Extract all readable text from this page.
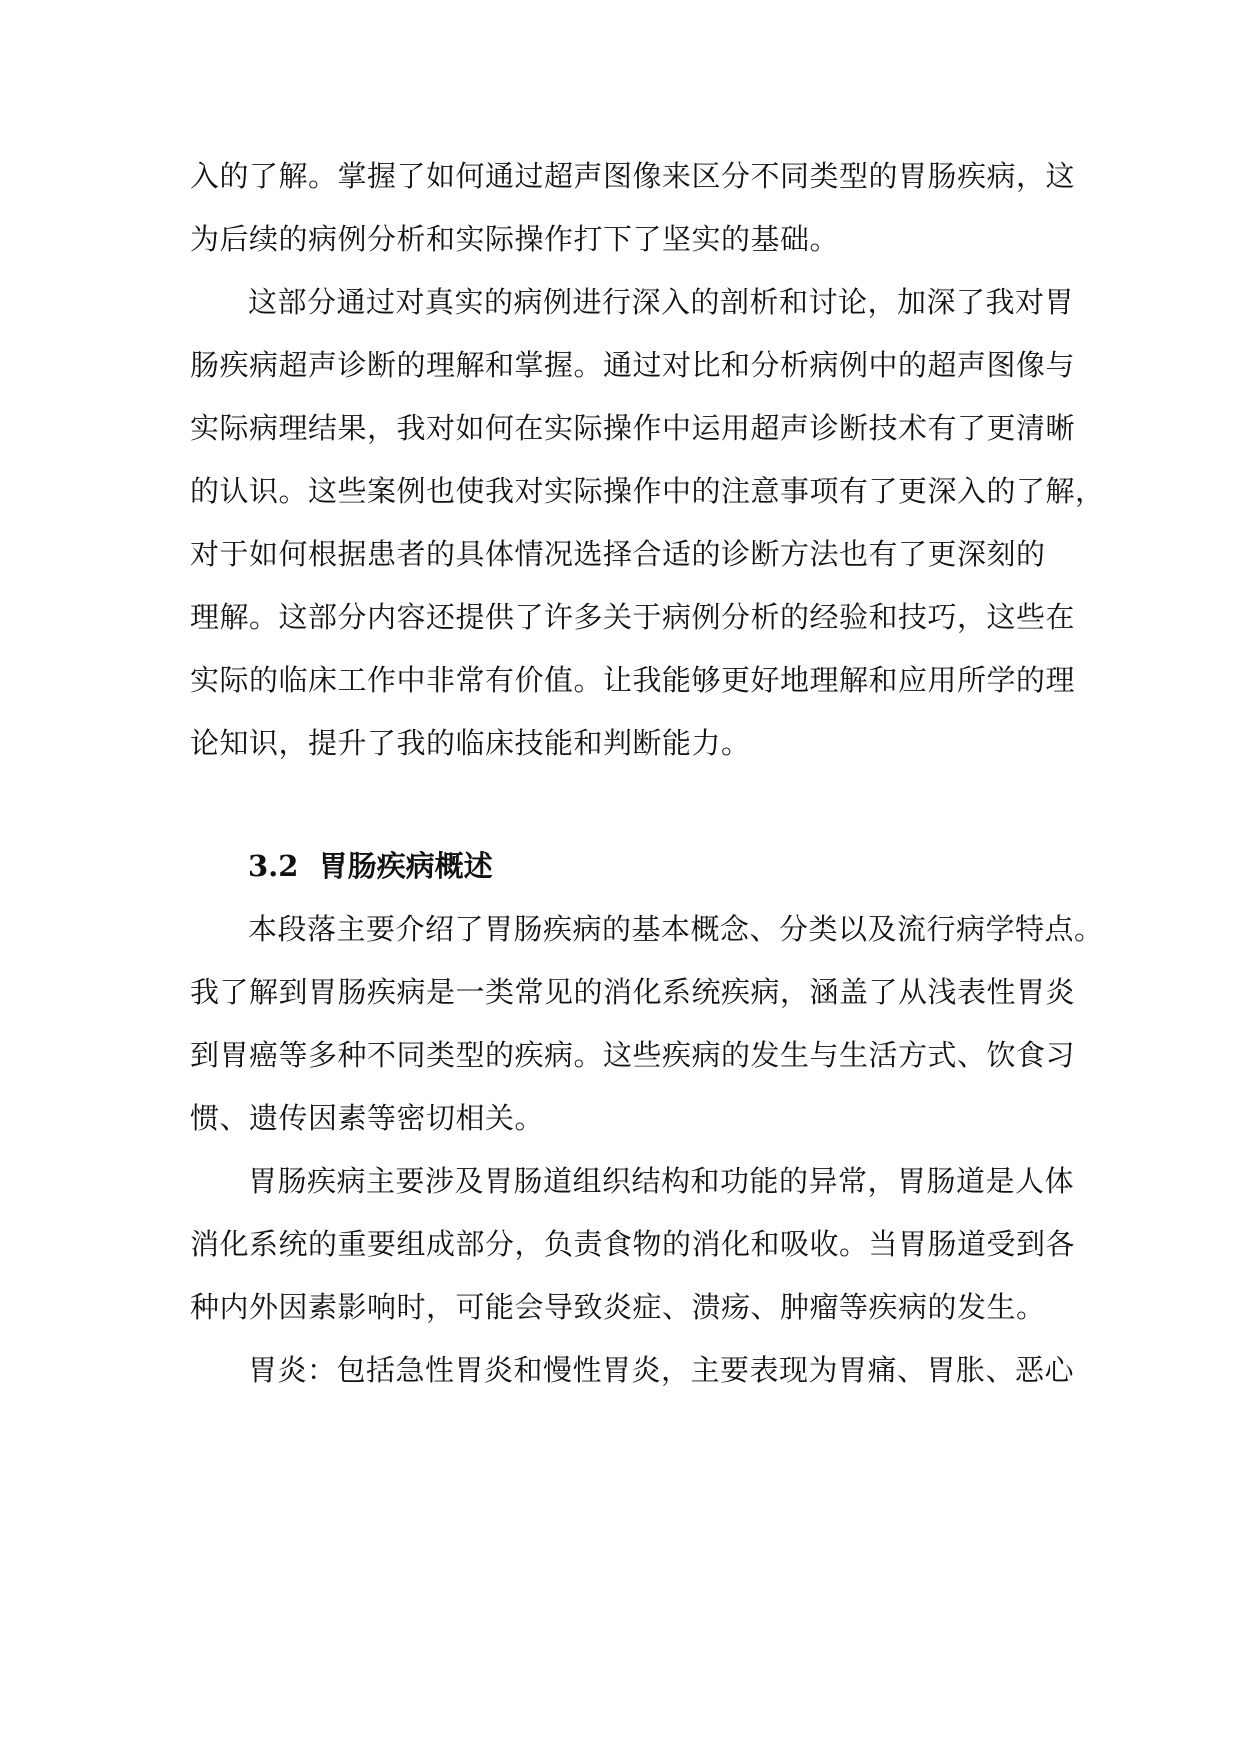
入的了解。掌握了如何通过超声图像来区分不同类型的胃肠疾病，这
为后续的病例分析和实际操作打下了坚实的基础。
这部分通过对真实的病例进行深入的剖析和讨论，加深了我对胃
肠疾病超声诊断的理解和掌握。通过对比和分析病例中的超声图像与
实际病理结果，我对如何在实际操作中运用超声诊断技术有了更清晰
的认识。这些案例也使我对实际操作中的注意事项有了更深入的了解，
对于如何根据患者的具体情况选择合适的诊断方法也有了更深刻的
理解。这部分内容还提供了许多关于病例分析的经验和技巧，这些在
实际的临床工作中非常有价值。让我能够更好地理解和应用所学的理
论知识，提升了我的临床技能和判断能力。
3.2 胃肠疾病概述
本段落主要介绍了胃肠疾病的基本概念、分类以及流行病学特点。
我了解到胃肠疾病是一类常见的消化系统疾病，涵盖了从浅表性胃炎
到胃癌等多种不同类型的疾病。这些疾病的发生与生活方式、饮食习
惯、遗传因素等密切相关。
胃肠疾病主要涉及胃肠道组织结构和功能的异常，胃肠道是人体
消化系统的重要组成部分，负责食物的消化和吸收。当胃肠道受到各
种内外因素影响时，可能会导致炎症、溃疡、肿瘤等疾病的发生。
胃炎：包括急性胃炎和慢性胃炎，主要表现为胃痛、胃胀、恶心
